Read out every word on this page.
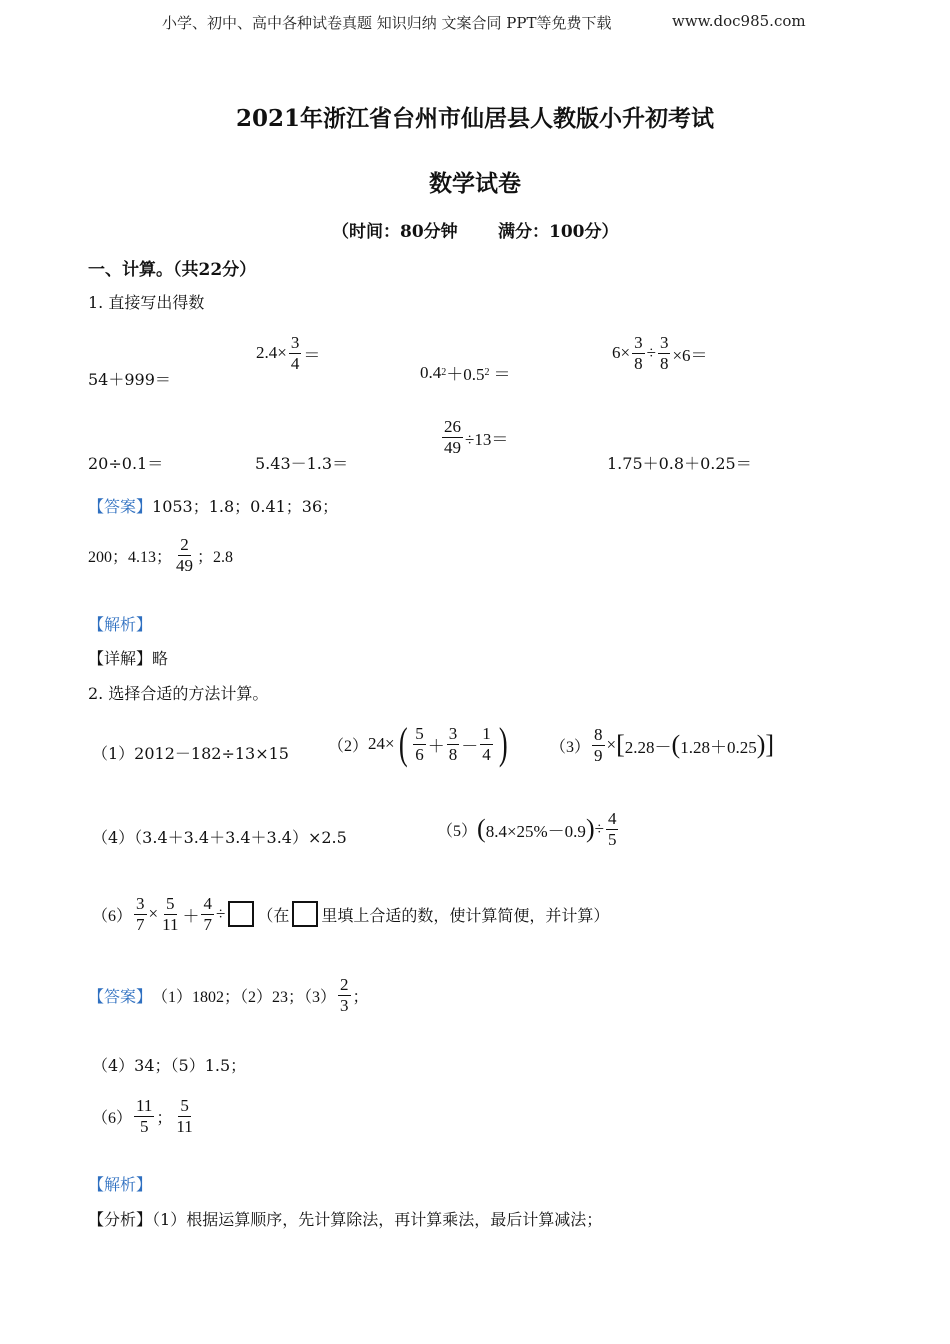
小学、初中、高中各种试卷真题 知识归纳 文案合同 PPT等免费下载	www.doc985.com
2021年浙江省台州市仙居县人教版小升初考试
数学试卷
（时间：80分钟 满分：100分）
一、计算。（共22分）
1. 直接写出得数
54＋999＝
$2.4\times \frac{3}{4}$ ＝
0.4 2 ＋0.5 2 ＝
$6\times \frac{3}{8} \div \frac{3}{8} \times 6=$
20÷0.1＝	5.43－1.3＝
$\frac{26}{49} \div 13=$
1.75＋0.8＋0.25＝
【答案】1053；1.8；0.41；36；
200；4.13； $\frac{2}{49}$ ；2.8
【解析】
【详解】略
2. 选择合适的方法计算。
（1）2012－182÷13×15 （2） 24× ( $\frac{5}{6} + \frac{3}{8} - \frac{1}{4}$ )	$(3) \frac{8}{9}$ × [ 2.28－ ( 1.28＋0.25 ) ]
（4）（3.4＋3.4＋3.4＋3.4）×2.5	（5） ( 8.4×25%－0.9 ) ÷ $\frac{4}{5}$
$(6) \frac{3}{7} \times \frac{5}{11} + \frac{4}{7}$ ÷ （在 里填上合适的数，使计算简便，并计算）
【答案】 （1）1802；（2）23；$(3) \frac{2}{3}$ ；
（4）34；（5）1.5；
$(6) \frac{11}{5}$ ； $\frac{5}{11}$
【解析】
【分析】（1）根据运算顺序，先计算除法，再计算乘法，最后计算减法；
